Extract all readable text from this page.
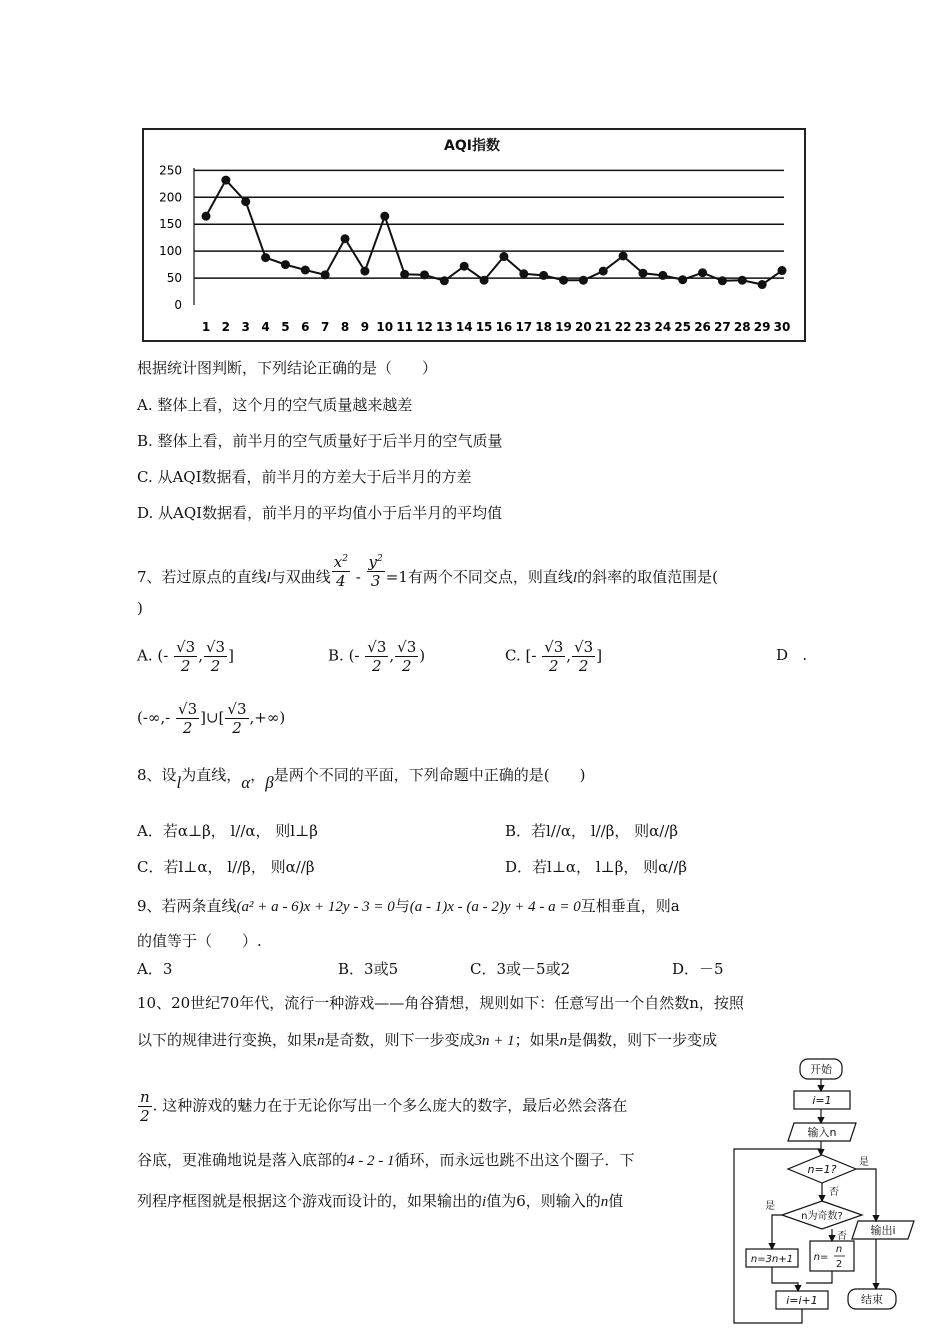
AQI指数
0
50
100
150
200
250
1 2 3 4 5 6 7 8 9 10 11 12 13 14 15 16 17 18 19 20 21 22 23 24 25 26 27 28 29 30
根据统计图判断，下列结论正确的是（　　）
A. 整体上看，这个月的空气质量越来越差
B. 整体上看，前半月的空气质量好于后半月的空气质量
C. 从AQI数据看，前半月的方差大于后半月的方差
D. 从AQI数据看，前半月的平均值小于后半月的平均值
7、若过原点的直线l与双曲线 $\frac{x^2}{4} - \frac{y^2}{3} =1$有两个不同交点，则直线l的斜率的取值范围是(
)
A. (- $\frac{√3}{2}$ , $\frac{√3}{2}$ ]	B. (- $\frac{√3}{2}$ , $\frac{√3}{2}$ )	C. [- $\frac{√3}{2}$ , $\frac{√3}{2}$ ]	D .
(-∞,- $\frac{√3}{2}$ ]∪[ $\frac{√3}{2}$ ,+∞)
8、设l为直线，α，β是两个不同的平面，下列命题中正确的是(　　)
A．若α⊥β， l//α， 则l⊥β	B．若l//α， l//β， 则α//β
C．若l⊥α， l//β， 则α//β	D．若l⊥α， l⊥β， 则α//β
9、若两条直线(a² + a - 6)x + 12y - 3 = 0与(a - 1)x - (a - 2)y + 4 - a = 0互相垂直，则a
的值等于（　　）.
A．3	B．3或5	C．3或－5或2	D．－5
10、20世纪70年代，流行一种游戏——角谷猜想，规则如下：任意写出一个自然数n，按照
以下的规律进行变换，如果n是奇数，则下一步变成3n + 1；如果n是偶数，则下一步变成
$\frac{n}{2}$ . 这种游戏的魅力在于无论你写出一个多么庞大的数字，最后必然会落在
谷底，更准确地说是落入底部的4 - 2 - 1循环，而永远也跳不出这个圈子．下
列程序框图就是根据这个游戏而设计的，如果输出的i值为6，则输入的n值
开始
i=1
输入n
n=1?
n为奇数?
n=3n+1 n=
n
2
i=i+1
输出i
结束
是
否
是
否
